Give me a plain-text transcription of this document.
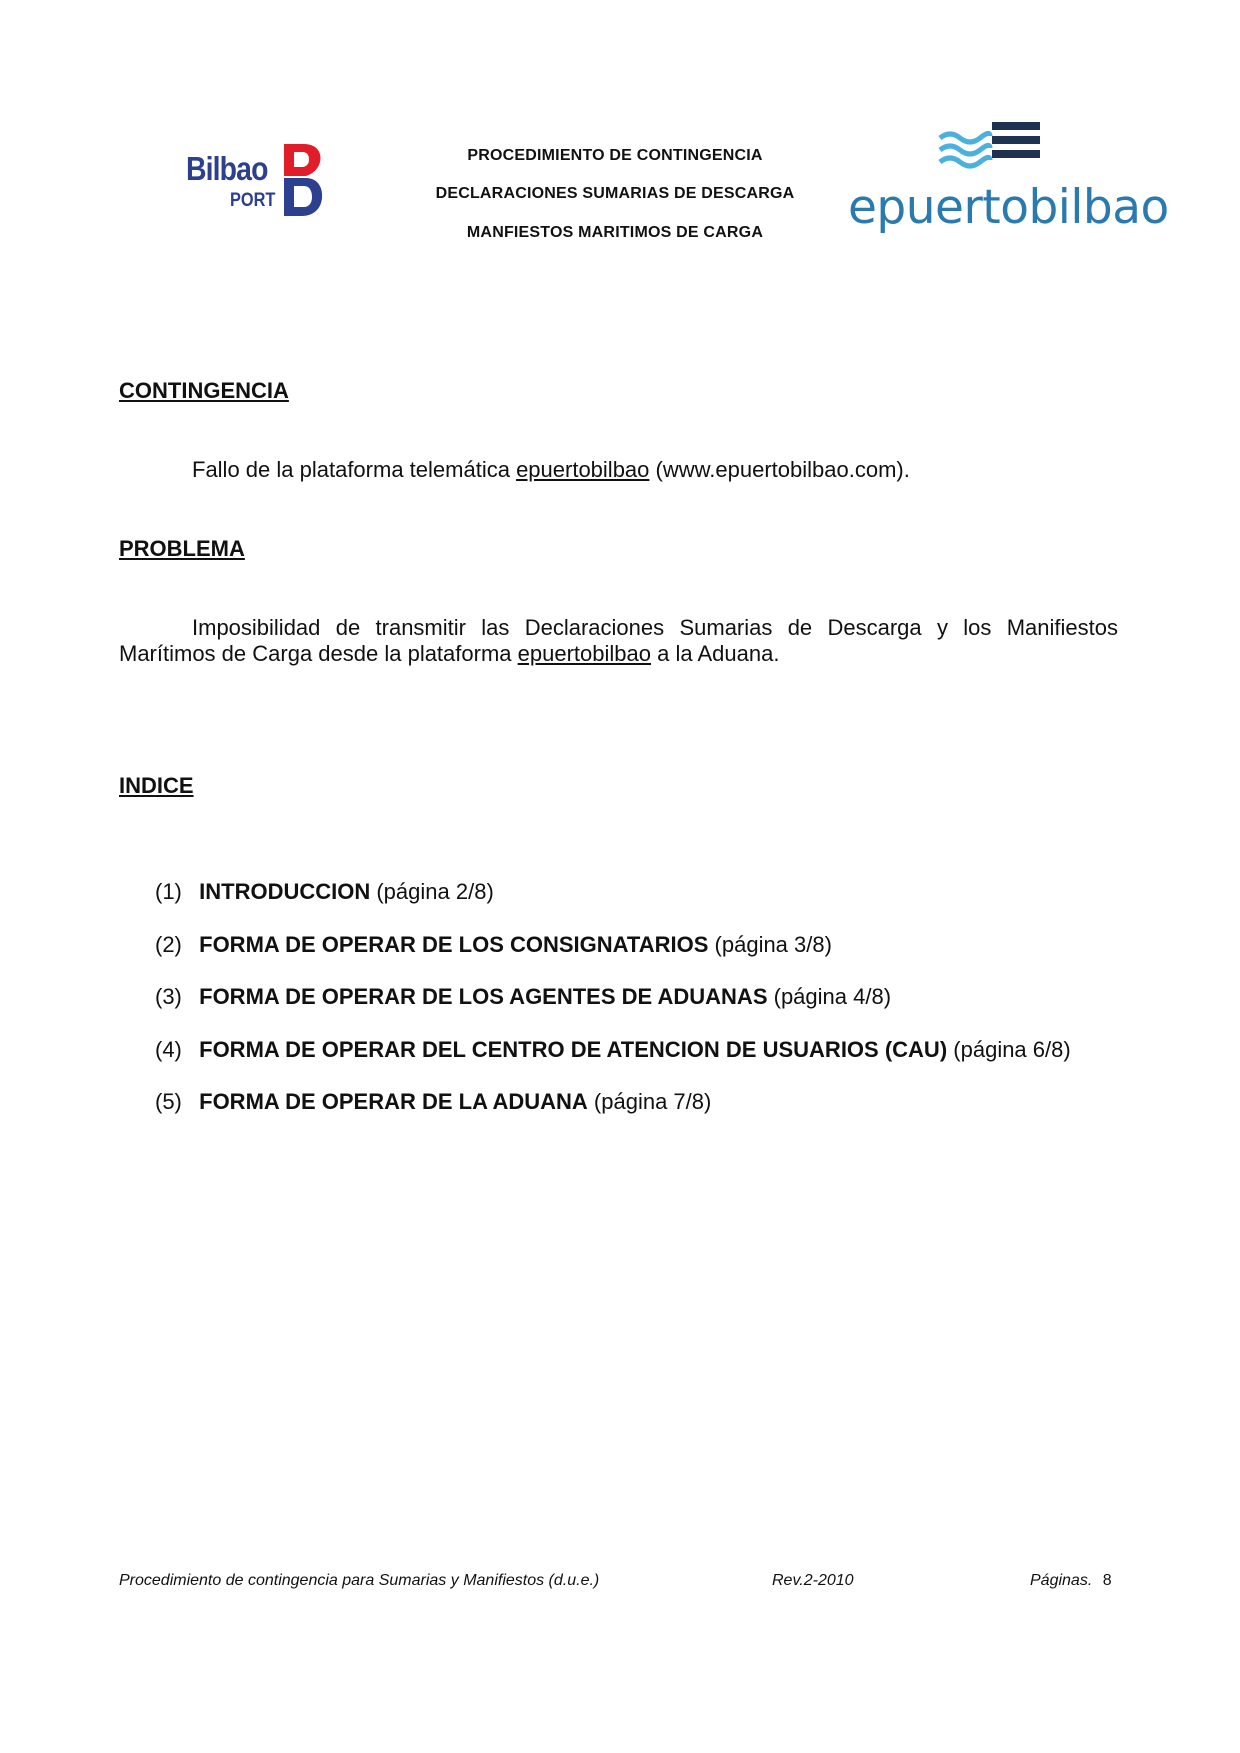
Bilbao
PORT
PROCEDIMIENTO DE CONTINGENCIA
DECLARACIONES SUMARIAS DE DESCARGA
MANFIESTOS MARITIMOS DE CARGA	epuertobilbao
CONTINGENCIA
Fallo de la plataforma telemática epuertobilbao (www.epuertobilbao.com).
PROBLEMA
Imposibilidad de transmitir las Declaraciones Sumarias de Descarga y los Manifiestos
Marítimos de Carga desde la plataforma epuertobilbao a la Aduana.
INDICE
(1) INTRODUCCION (página 2/8)
(2) FORMA DE OPERAR DE LOS CONSIGNATARIOS (página 3/8)
(3) FORMA DE OPERAR DE LOS AGENTES DE ADUANAS (página 4/8)
(4) FORMA DE OPERAR DEL CENTRO DE ATENCION DE USUARIOS (CAU) (página 6/8)
(5) FORMA DE OPERAR DE LA ADUANA (página 7/8)
Procedimiento de contingencia para Sumarias y Manifiestos (d.u.e.)	Rev.2-2010	Páginas. 8
